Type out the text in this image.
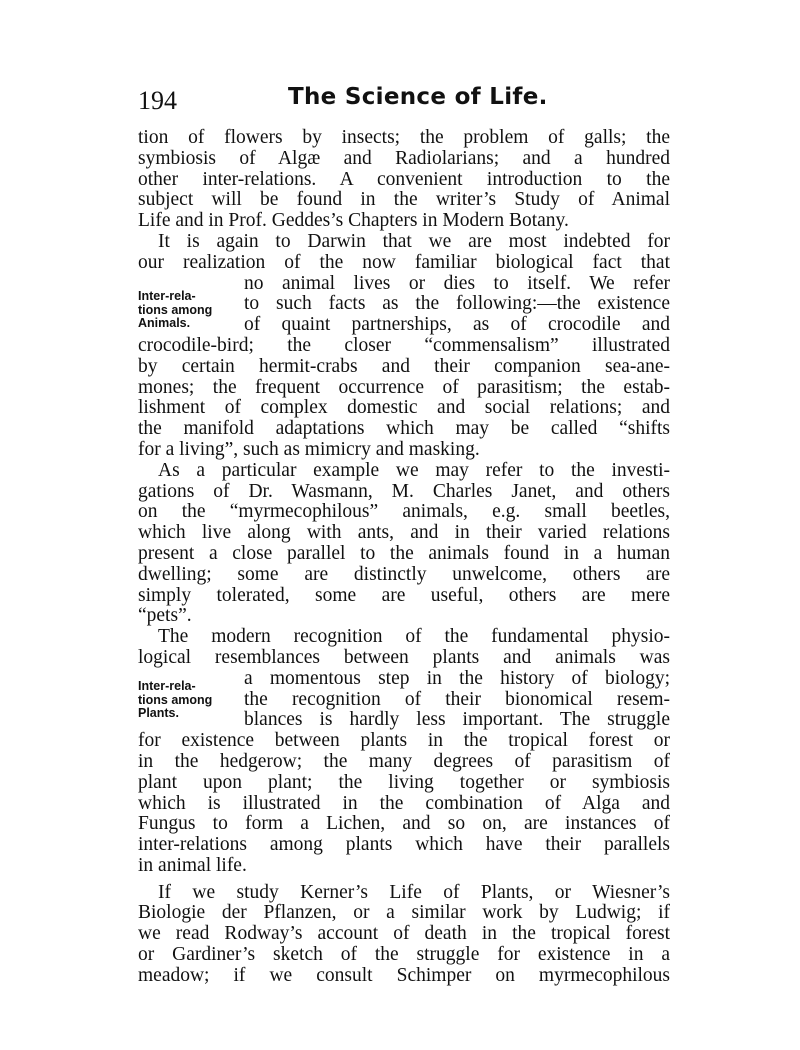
194	The Science of Life.
Inter-rela-
tions among
Animals.
Inter-rela-
tions among
Plants.
tion of flowers by insects; the problem of galls; the
symbiosis of Algæ and Radiolarians; and a hundred
other inter-relations. A convenient introduction to the
subject will be found in the writer’s Study of Animal
Life and in Prof. Geddes’s Chapters in Modern Botany.
It is again to Darwin that we are most indebted for
our realization of the now familiar biological fact that
no animal lives or dies to itself. We refer
to such facts as the following:—the existence
of quaint partnerships, as of crocodile and
crocodile-bird; the closer “commensalism” illustrated
by certain hermit-crabs and their companion sea-ane-
mones; the frequent occurrence of parasitism; the estab-
lishment of complex domestic and social relations; and
the manifold adaptations which may be called “shifts
for a living”, such as mimicry and masking.
As a particular example we may refer to the investi-
gations of Dr. Wasmann, M. Charles Janet, and others
on the “myrmecophilous” animals, e.g. small beetles,
which live along with ants, and in their varied relations
present a close parallel to the animals found in a human
dwelling; some are distinctly unwelcome, others are
simply tolerated, some are useful, others are mere
“pets”.
The modern recognition of the fundamental physio-
logical resemblances between plants and animals was
a momentous step in the history of biology;
the recognition of their bionomical resem-
blances is hardly less important. The struggle
for existence between plants in the tropical forest or
in the hedgerow; the many degrees of parasitism of
plant upon plant; the living together or symbiosis
which is illustrated in the combination of Alga and
Fungus to form a Lichen, and so on, are instances of
inter-relations among plants which have their parallels
in animal life.
If we study Kerner’s Life of Plants, or Wiesner’s
Biologie der Pflanzen, or a similar work by Ludwig; if
we read Rodway’s account of death in the tropical forest
or Gardiner’s sketch of the struggle for existence in a
meadow; if we consult Schimper on myrmecophilous
